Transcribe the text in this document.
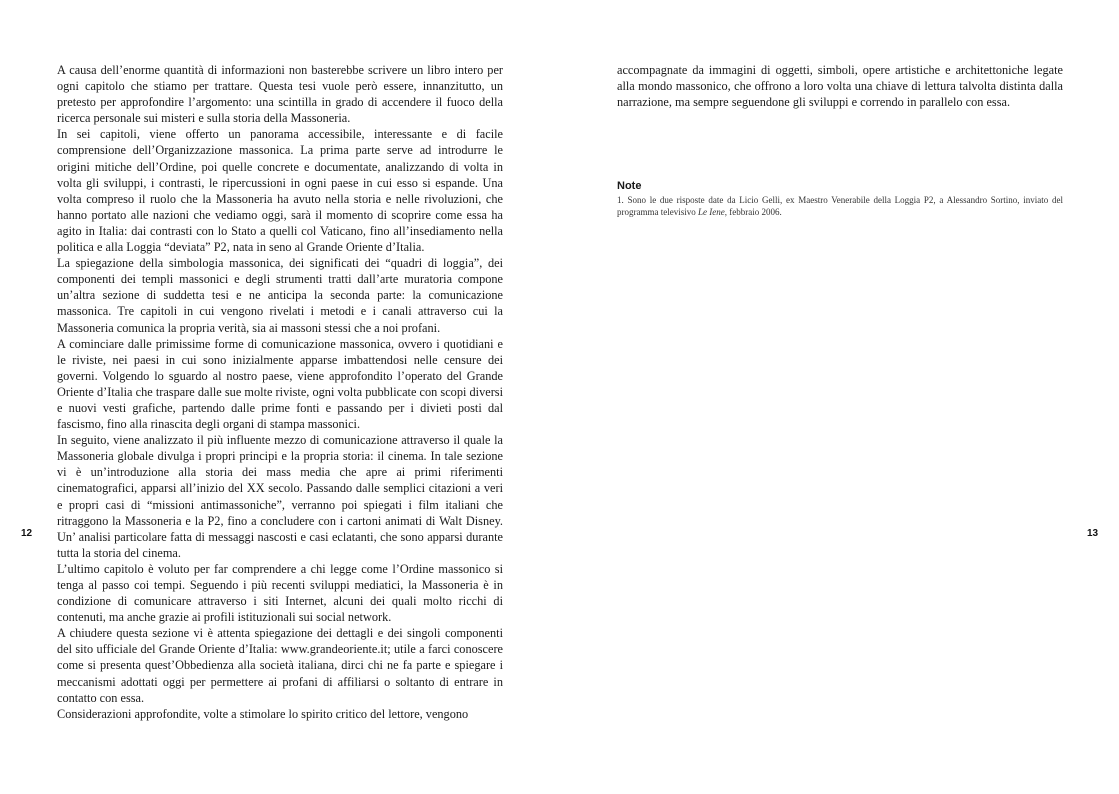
A causa dell’enorme quantità di informazioni non basterebbe scrivere un libro intero per ogni capitolo che stiamo per trattare. Questa tesi vuole però essere, innanzitutto, un pretesto per approfondire l’argomento: una scintilla in grado di accendere il fuoco della ricerca personale sui misteri e sulla storia della Massoneria.

In sei capitoli, viene offerto un panorama accessibile, interessante e di facile comprensione dell’Organizzazione massonica. La prima parte serve ad introdurre le origini mitiche dell’Ordine, poi quelle concrete e documentate, analizzando di volta in volta gli sviluppi, i contrasti, le ripercussioni in ogni paese in cui esso si espande. Una volta compreso il ruolo che la Massoneria ha avuto nella storia e nelle rivoluzioni, che hanno portato alle nazioni che vediamo oggi, sarà il momento di scoprire come essa ha agito in Italia: dai contrasti con lo Stato a quelli col Vaticano, fino all’insediamento nella politica e alla Loggia “deviata” P2, nata in seno al Grande Oriente d’Italia.

La spiegazione della simbologia massonica, dei significati dei “quadri di loggia”, dei componenti dei templi massonici e degli strumenti tratti dall’arte muratoria compone un’altra sezione di suddetta tesi e ne anticipa la seconda parte: la comunicazione massonica. Tre capitoli in cui vengono rivelati i metodi e i canali attraverso cui la Massoneria comunica la propria verità, sia ai massoni stessi che a noi profani.

A cominciare dalle primissime forme di comunicazione massonica, ovvero i quotidiani e le riviste, nei paesi in cui sono inizialmente apparse imbattendosi nelle censure dei governi. Volgendo lo sguardo al nostro paese, viene approfondito l’operato del Grande Oriente d’Italia che traspare dalle sue molte riviste, ogni volta pubblicate con scopi diversi e nuovi vesti grafiche, partendo dalle prime fonti e passando per i divieti posti dal fascismo, fino alla rinascita degli organi di stampa massonici.

In seguito, viene analizzato il più influente mezzo di comunicazione attraverso il quale la Massoneria globale divulga i propri principi e la propria storia: il cinema. In tale sezione vi è un’introduzione alla storia dei mass media che apre ai primi riferimenti cinematografici, apparsi all’inizio del XX secolo. Passando dalle semplici citazioni a veri e propri casi di “missioni antimassoniche”, verranno poi spiegati i film italiani che ritraggono la Massoneria e la P2, fino a concludere con i cartoni animati di Walt Disney. Un’ analisi particolare fatta di messaggi nascosti e casi eclatanti, che sono apparsi durante tutta la storia del cinema.

L’ultimo capitolo è voluto per far comprendere a chi legge come l’Ordine massonico si tenga al passo coi tempi. Seguendo i più recenti sviluppi mediatici, la Massoneria è in condizione di comunicare attraverso i siti Internet, alcuni dei quali molto ricchi di contenuti, ma anche grazie ai profili istituzionali sui social network.

A chiudere questa sezione vi è attenta spiegazione dei dettagli e dei singoli componenti del sito ufficiale del Grande Oriente d’Italia: www.grandeoriente.it; utile a farci conoscere come si presenta quest’Obbedienza alla società italiana, dirci chi ne fa parte e spiegare i meccanismi adottati oggi per permettere ai profani di affiliarsi o soltanto di entrare in contatto con essa.

Considerazioni approfondite, volte a stimolare lo spirito critico del lettore, vengono

12

accompagnate da immagini di oggetti, simboli, opere artistiche e architettoniche legate alla mondo massonico, che offrono a loro volta una chiave di lettura talvolta distinta dalla narrazione, ma sempre seguendone gli sviluppi e correndo in parallelo con essa.

Note

1. Sono le due risposte date da Licio Gelli, ex Maestro Venerabile della Loggia P2, a Alessandro Sortino, inviato del programma televisivo Le Iene, febbraio 2006.

13
